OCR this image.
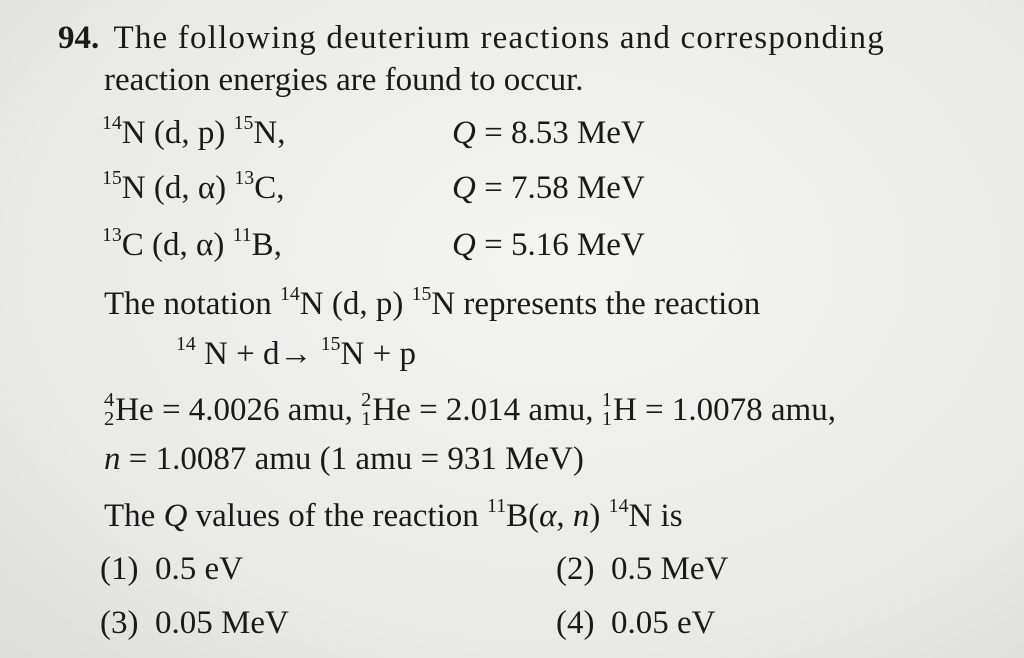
94. The following deuterium reactions and corresponding
reaction energies are found to occur.
$^{14}$N (d, p) $^{15}$N,	Q = 8.53 MeV
$^{15}$N (d, α) $^{13}$C,	Q = 7.58 MeV
$^{13}$C (d, α) $^{11}$B,	Q = 5.16 MeV
The notation $^{14}$N (d, p) $^{15}$N represents the reaction
$^{14}$ N + d→ $^{15}$N + p
4
2 He = 4.0026 amu, 2
1 He = 2.014 amu, 1
1 H = 1.0078 amu,
n = 1.0087 amu (1 amu = 931 MeV)
The Q values of the reaction $^{11}$B(α, n) $^{14}$N is
(1) 0.5 eV	(2) 0.5 MeV
(3) 0.05 MeV	(4) 0.05 eV
